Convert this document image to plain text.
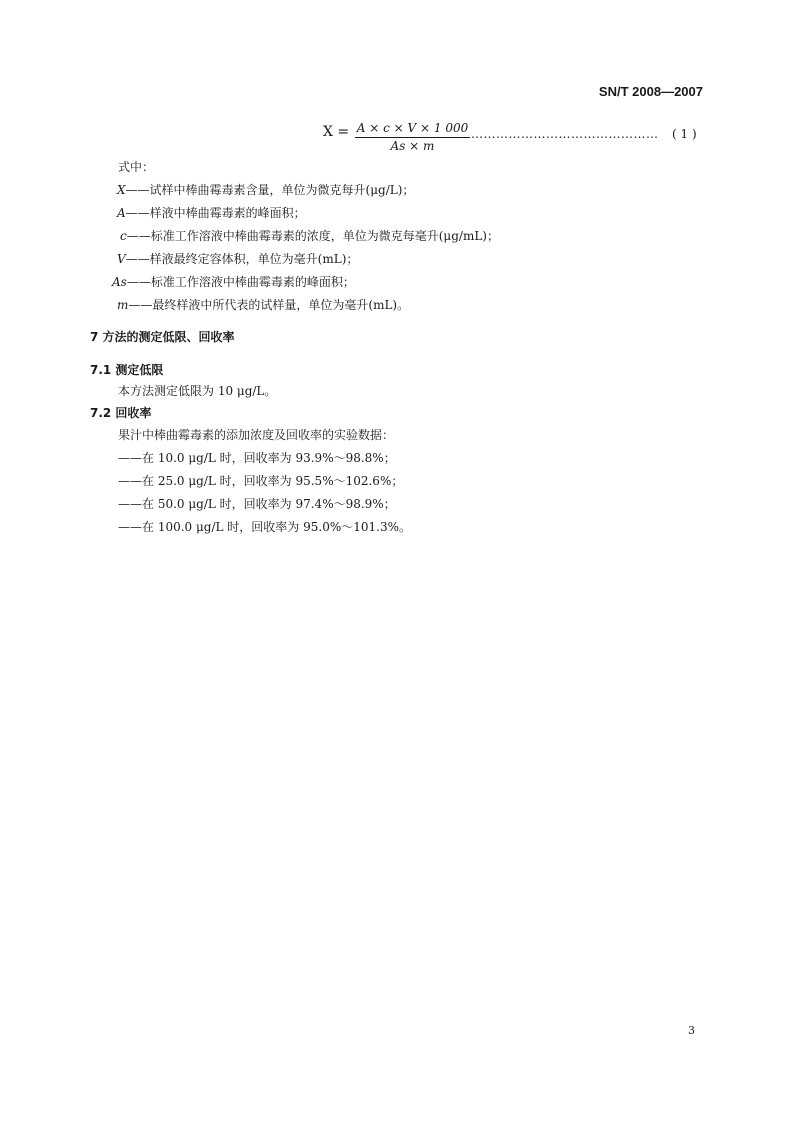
SN/T 2008—2007
X = A × c × V × 1 000
As × m
……………………………………… ( 1 )
式中：
X——试样中棒曲霉毒素含量，单位为微克每升(μg/L)；
A——样液中棒曲霉毒素的峰面积；
c——标准工作溶液中棒曲霉毒素的浓度，单位为微克每毫升(μg/mL)；
V——样液最终定容体积，单位为毫升(mL)；
As——标准工作溶液中棒曲霉毒素的峰面积；
m——最终样液中所代表的试样量，单位为毫升(mL)。
7 方法的测定低限、回收率
7.1 测定低限
本方法测定低限为 10 μg/L。
7.2 回收率
果汁中棒曲霉毒素的添加浓度及回收率的实验数据：
——在 10.0 μg/L 时，回收率为 93.9%～98.8%；
——在 25.0 μg/L 时，回收率为 95.5%～102.6%；
——在 50.0 μg/L 时，回收率为 97.4%～98.9%；
——在 100.0 μg/L 时，回收率为 95.0%～101.3%。
3
